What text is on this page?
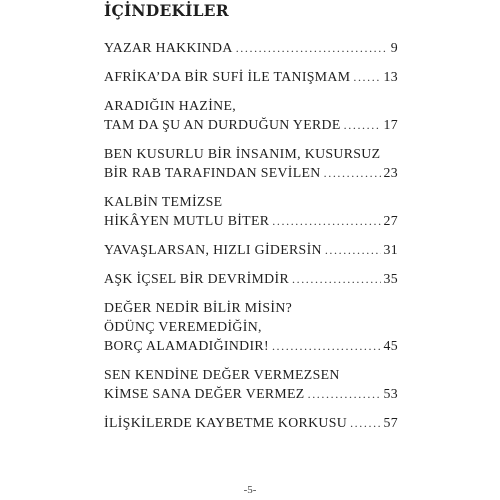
İÇİNDEKİLER
YAZAR HAKKINDA .....	9
AFRİKA’DA BİR SUFİ İLE TANIŞMAM ..... 13
ARADIĞIN HAZİNE,
TAM DA ŞU AN DURDUĞUN YERDE .....	17
BEN KUSURLU BİR İNSANIM, KUSURSUZ
BİR RAB TARAFINDAN SEVİLEN .....	23
KALBİN TEMİZSE
HİKÂYEN MUTLU BİTER .....	27
YAVAŞLARSAN, HIZLI GİDERSİN .....	31
AŞK İÇSEL BİR DEVRİMDİR .....	35
DEĞER NEDİR BİLİR MİSİN?
ÖDÜNÇ VEREMEDİĞİN,
BORÇ ALAMADIĞINDIR! .....	45
SEN KENDİNE DEĞER VERMEZSEN
KİMSE SANA DEĞER VERMEZ .....	53
İLİŞKİLERDE KAYBETME KORKUSU .....	57
-5-
